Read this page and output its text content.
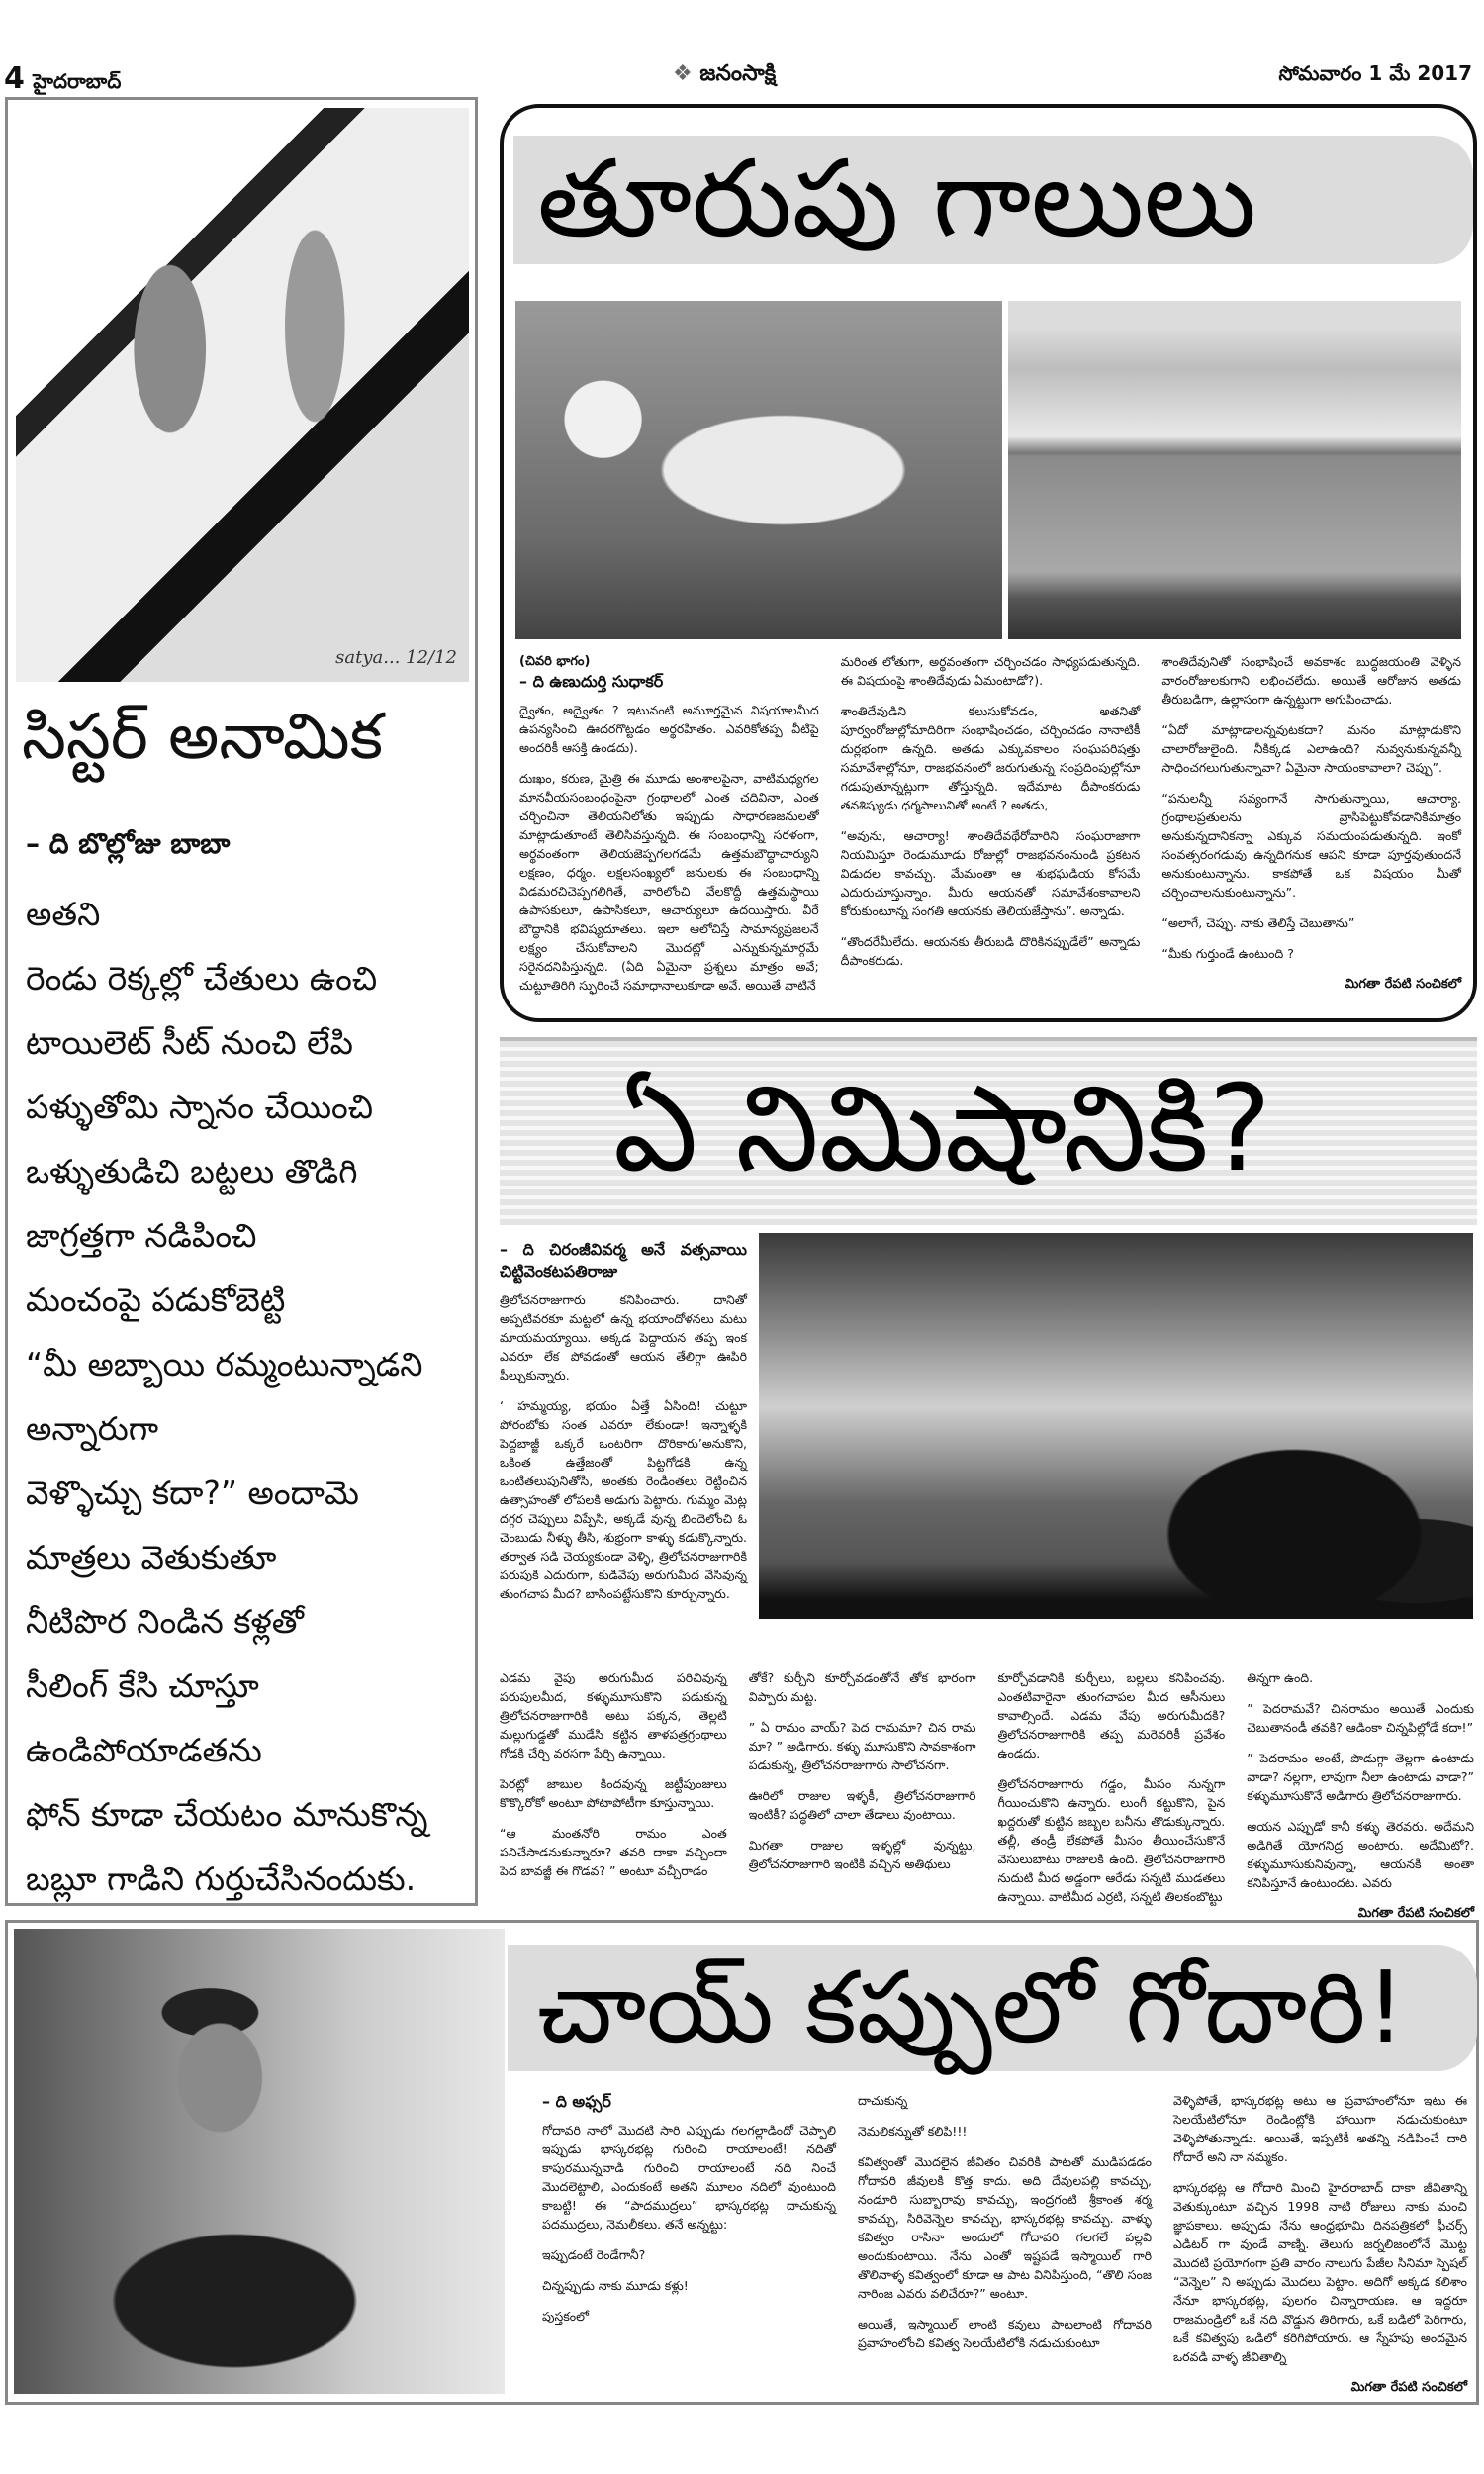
4 హైదరాబాద్	❖ జనంసాక్షి	సోమవారం 1 మే 2017
satya... 12/12
సిస్టర్ అనామిక
– ది బొల్లోజు బాబా
అతని
రెండు రెక్కల్లో చేతులు ఉంచి
టాయిలెట్ సీట్ నుంచి లేపి
పళ్ళుతోమి స్నానం చేయించి
ఒళ్ళుతుడిచి బట్టలు తొడిగి
జాగ్రత్తగా నడిపించి
మంచంపై పడుకోబెట్టి
“మీ అబ్బాయి రమ్మంటున్నాడని
అన్నారుగా
వెళ్ళొచ్చు కదా?” అందామె
మాత్రలు వెతుకుతూ
నీటిపొర నిండిన కళ్లతో
సీలింగ్ కేసి చూస్తూ
ఉండిపోయాడతను
ఫోన్ కూడా చేయటం మానుకొన్న
బబ్లూ గాడిని గుర్తుచేసినందుకు.
తూరుపు గాలులు
(చివరి భాగం)
– ది ఉణుదుర్తి సుధాకర్

ద్వైతం, అద్వైతం ? ఇటువంటి అమూర్తమైన విషయాలమీద ఉపన్యసించి ఊదరగొట్టడం అర్థరహితం. ఎవరికోతప్ప వీటిపై అందరికీ ఆసక్తి ఉండదు).

దుఃఖం, కరుణ, మైత్రి ఈ మూడు అంశాలపైనా, వాటిమధ్యగల మానవీయసంబంధంపైనా గ్రంథాలలో ఎంత చదివినా, ఎంత చర్చించినా తెలియనిలోతు ఇప్పుడు సాధారణజనులతో మాట్లాడుతూంటే తెలిసివస్తున్నది. ఈ సంబంధాన్ని సరళంగా, అర్థవంతంగా తెలియజెప్పగలగడమే ఉత్తమబౌద్ధాచార్యుని లక్షణం, ధర్మం. లక్షలసంఖ్యలో జనులకు ఈ సంబంధాన్ని విడమరచిచెప్పగలిగితే, వారిలోంచి వేలకొద్దీ ఉత్తమస్థాయి ఉపాసకులూ, ఉపాసికలూ, ఆచార్యులూ ఉదయిస్తారు. వీరే బౌద్ధానికి భవిష్యదూతలు. ఇలా ఆలోచిస్తే సామాన్యప్రజలనే లక్ష్యం చేసుకోవాలని మొదట్లో ఎన్నుకున్నమార్గమే సరైనదనిపిస్తున్నది. (ఏది ఏమైనా ప్రశ్నలు మాత్రం అవే; చుట్టూతిరిగి స్ఫురించే సమాధానాలుకూడా అవే. అయితే వాటినే

మరింత లోతుగా, అర్థవంతంగా చర్చించడం సాధ్యపడుతున్నది. ఈ విషయంపై శాంతిదేవుడు ఏమంటాడో?).

శాంతిదేవుడిని కలుసుకోవడం, అతనితో పూర్వంరోజుల్లోమాదిరిగా సంభాషించడం, చర్చించడం నానాటికీ దుర్లభంగా ఉన్నది. అతడు ఎక్కువకాలం సంఘపరిషత్తు సమావేశాల్లోనూ, రాజభవనంలో జరుగుతున్న సంప్రదింపుల్లోనూ గడుపుతూన్నట్లుగా తోస్తున్నది. ఇదేమాట దీపాంకరుడు తనశిష్యుడు ధర్మపాలునితో అంటే ? అతడు,

“అవును, ఆచార్యా! శాంతిదేవథేరోవారిని సంఘరాజాగా నియమిస్తూ రెండుమూడు రోజుల్లో రాజభవనంనుండి ప్రకటన విడుదల కావచ్చు. మేమంతా ఆ శుభఘడియ కోసమే ఎదురుచూస్తున్నాం. మీరు ఆయనతో సమావేశంకావాలని కోరుకుంటూన్న సంగతి ఆయనకు తెలియజేస్తాను”. అన్నాడు.

“తొందరేమీలేదు. ఆయనకు తీరుబడి దొరికినప్పుడేలే” అన్నాడు దీపాంకరుడు.

శాంతిదేవునితో సంభాషించే అవకాశం బుద్ధజయంతి వెళ్ళిన వారంరోజులకుగాని లభించలేదు. అయితే ఆరోజున అతడు తీరుబడిగా, ఉల్లాసంగా ఉన్నట్టుగా అగుపించాడు.

“ఏదో మాట్లాడాలన్నవుటకదా? మనం మాట్లాడుకొని చాలారోజులైంది. నీకిక్కడ ఎలాఉంది? నువ్వనుకున్నవన్నీ సాధించగలుగుతున్నావా? ఏమైనా సాయంకావాలా? చెప్పు”.

“పనులన్నీ సవ్యంగానే సాగుతున్నాయి, ఆచార్యా. గ్రంథాలప్రతులను వ్రాసిపెట్టుకోవడానికిమాత్రం అనుకున్నదానికన్నా ఎక్కువ సమయంపడుతున్నది. ఇంకో సంవత్సరంగడువు ఉన్నదిగనుక ఆపని కూడా పూర్తవుతుందనే అనుకుంటున్నాను. కాకపోతే ఒక విషయం మీతో చర్చించాలనుకుంటున్నాను”.

“అలాగే, చెప్పు. నాకు తెలిస్తే చెబుతాను”

“మీకు గుర్తుండే ఉంటుంది ?

మిగతా రేపటి సంచికలో
ఏ నిమిషానికి?
– ది చిరంజీవివర్మ అనే వత్సవాయి చిట్టివెంకటపతిరాజు

త్రిలోచనరాజుగారు కనిపించారు. దానితో అప్పటివరకూ మట్టలో ఉన్న భయాందోళనలు మటు మాయమయ్యాయి. అక్కడ పెద్దాయన తప్ప ఇంక ఎవరూ లేక పోవడంతో ఆయన తేలిగ్గా ఊపిరి పీల్చుకున్నారు.

‘ హమ్మయ్య, భయం ఏత్తే ఏసింది! చుట్టూ పోరంబోకు సంత ఎవరూ లేకుండా! ఇన్నాళ్ళకి పెద్దబాజ్జీ ఒక్కరే ఒంటరిగా దొరికారు’అనుకొని, ఒకింత ఉత్తేజంతో పిట్టగోడకి ఉన్న ఒంటితలుపునితోసి, అంతకు రెండింతలు రెట్టించిన ఉత్సాహంతో లోపలకి అడుగు పెట్టారు. గుమ్మం మెట్ల దగ్గర చెప్పులు విప్పేసి, అక్కడే వున్న బిందెలోంచి ఓ చెంబుడు నీళ్ళు తీసి, శుభ్రంగా కాళ్ళు కడుక్కొన్నారు. తర్వాత సడి చెయ్యకుండా వెళ్ళి, త్రిలోచనరాజుగారికి పరుపుకి ఎదురుగా, కుడివేపు అరుగుమీద వేసివున్న తుంగచాప మీద? బాసింపట్టేసుకొని కూర్చున్నారు.

ఎడమ వైపు అరుగుమీద పరిచివున్న పరుపులమీద, కళ్ళుమూసుకొని పడుకున్న త్రిలోచనరాజుగారికి అటు పక్కన, తెల్లటి మల్లుగుడ్డతో ముడేసి కట్టిన తాళపత్రగ్రంథాలు గోడకి చేర్చి వరసగా పేర్చి ఉన్నాయి.

పెరట్లో జాబుల కిందవున్న జట్టీపుంజులు కొక్కొరోకో అంటూ పోటాపోటీగా కూస్తున్నాయి.

“ఆ మంతనోరి రామం ఎంత పనిచేసాడనుకున్నారూ? తవరి దాకా వచ్చిందా పెద బావజ్జీ ఈ గొడవ? ” అంటూ వచ్చీరాడం

తోకే? కుర్చీని కూర్చోవడంతోనే తోక భారంగా విప్పారు మట్ట.

” ఏ రామం వాయ్? పెద రామమా? చిన రామ మా? ” అడిగారు. కళ్ళు మూసుకొని సావకాశంగా పడుకున్న, త్రిలోచనరాజుగారు సాలోచనగా.

ఊరిలో రాజుల ఇళ్ళకీ, త్రిలోచనరాజుగారి ఇంటికీ? పద్ధతిలో చాలా తేడాలు వుంటాయి.

మిగతా రాజుల ఇళ్ళల్లో వున్నట్టు, త్రిలోచనరాజుగారి ఇంటికి వచ్చిన అతిథులు

కూర్చోవడానికి కుర్చీలు, బల్లలు కనిపించవు. ఎంతటివారైనా తుంగచాపల మీద ఆసీనులు కావాల్సిందే. ఎడమ వేపు అరుగుమీదకి? త్రిలోచనరాజుగారికి తప్ప మరెవరికీ ప్రవేశం ఉండదు.

త్రిలోచనరాజుగారు గడ్డం, మీసం నున్నగా గీయించుకొని ఉన్నారు. లుంగీ కట్టుకొని, పైన ఖద్దరుతో కుట్టిన జబ్బల బనీను తొడుక్కున్నారు. తల్లీ, తండ్రీ లేకపోతే మీసం తీయించేసుకొనే వెసులుబాటు రాజులకి ఉంది. త్రిలోచనరాజుగారి నుదుటి మీద అడ్డంగా ఆరేడు సన్నటి ముడతలు ఉన్నాయి. వాటిమీద ఎర్రటి, సన్నటి తిలకంబొట్టు

తిన్నగా ఉంది.

” పెదరామవే? చినరామం అయితే ఎందుకు చెబుతానండీ తవకి? ఆడింకా చిన్నపిల్లోడే కదా!”

” పెదరామం అంటే, పొడుగ్గా తెల్లగా ఉంటాడు వాడా? నల్లగా, లావుగా నీలా ఉంటాడు వాడా?” కళ్ళుమూసుకొనే అడిగారు త్రిలోచనరాజుగారు.

ఆయన ఎప్పుడో కానీ కళ్ళు తెరవరు. అదేమని అడిగితే యోగనిద్ర అంటారు. అదేమిటో?. కళ్ళుమూసుకునివున్నా, ఆయనకి అంతా కనిపిస్తూనే ఉంటుందట. ఎవరు

మిగతా రేపటి సంచికలో
చాయ్ కప్పులో గోదారి!
– ది అఫ్సర్

గోదావరి నాలో మొదటి సారి ఎప్పుడు గలగల్లాడిందో చెప్పాలి ఇప్పుడు భాస్కరభట్ల గురించి రాయాలంటే! నదితో కాపురమున్నవాడి గురించి రాయాలంటే నది నించే మొదలెట్టాలి, ఎందుకంటే అతని మూలం నదిలో వుంటుంది కాబట్టి! ఈ “పాదముద్రలు” భాస్కరభట్ల దాచుకున్న పదముద్రలు, నెమలీకలు. తనే అన్నట్టు:

ఇప్పుడంటే రెండేగానీ?

చిన్నప్పుడు నాకు మూడు కళ్లు!

పుస్తకంలో

దాచుకున్న

నెమలికన్నుతో కలిపి!!!

కవిత్వంతో మొదలైన జీవితం చివరికి పాటతో ముడిపడడం గోదావరి జీవులకి కొత్త కాదు. అది దేవులపల్లి కావచ్చు, నండూరి సుబ్బారావు కావచ్చు, ఇంద్రగంటి శ్రీకాంత శర్మ కావచ్చు, సిరివెన్నెల కావచ్చు, భాస్కరభట్ల కావచ్చు. వాళ్ళు కవిత్వం రాసినా అందులో గోదావరి గలగలే పల్లవి అందుకుంటాయి. నేను ఎంతో ఇష్టపడే ఇస్మాయిల్ గారి తొలినాళ్ళ కవిత్వంలో కూడా ఆ పాట వినిపిస్తుంది, “తొలి సంజ నారింజ ఎవరు వలిచేరూ?” అంటూ.

అయితే, ఇస్మాయిల్ లాంటి కవులు పాటలాంటి గోదావరి ప్రవాహంలోంచి కవిత్వ సెలయేటిలోకి నడుచుకుంటూ

వెళ్ళిపోతే, భాస్కరభట్ల అటు ఆ ప్రవాహంలోనూ ఇటు ఈ సెలయేటిలోనూ రెండింట్లోకి హాయిగా నడుచుకుంటూ వెళ్ళిపోతున్నాడు. అయితే, ఇప్పటికీ అతన్ని నడిపించే దారి గోదారే అని నా నమ్మకం.

భాస్కరభట్ల ఆ గోదారి మించి హైదరాబాద్ దాకా జీవితాన్ని వెతుక్కుంటూ వచ్చిన 1998 నాటి రోజులు నాకు మంచి జ్ఞాపకాలు. అప్పుడు నేను ఆంధ్రభూమి దినపత్రికలో ఫీచర్స్ ఎడిటర్ గా వుండే వాణ్ని. తెలుగు జర్నలిజంలోనే మొట్ట మొదటి ప్రయోగంగా ప్రతి వారం నాలుగు పేజీల సినిమా స్పెషల్ “వెన్నెల” ని అప్పుడు మొదలు పెట్టాం. అదిగో అక్కడ కలిశాం నేనూ భాస్కరభట్ల, పులగం చిన్నారాయణ. ఆ ఇద్దరూ రాజమండ్రిలో ఒకే నది వొడ్డున తిరిగారు, ఒకే బడిలో పెరిగారు, ఒకే కవిత్వపు ఒడిలో కరిగిపోయారు. ఆ స్నేహపు అందమైన ఒరవడి వాళ్ళ జీవితాల్ని

మిగతా రేపటి సంచికలో
